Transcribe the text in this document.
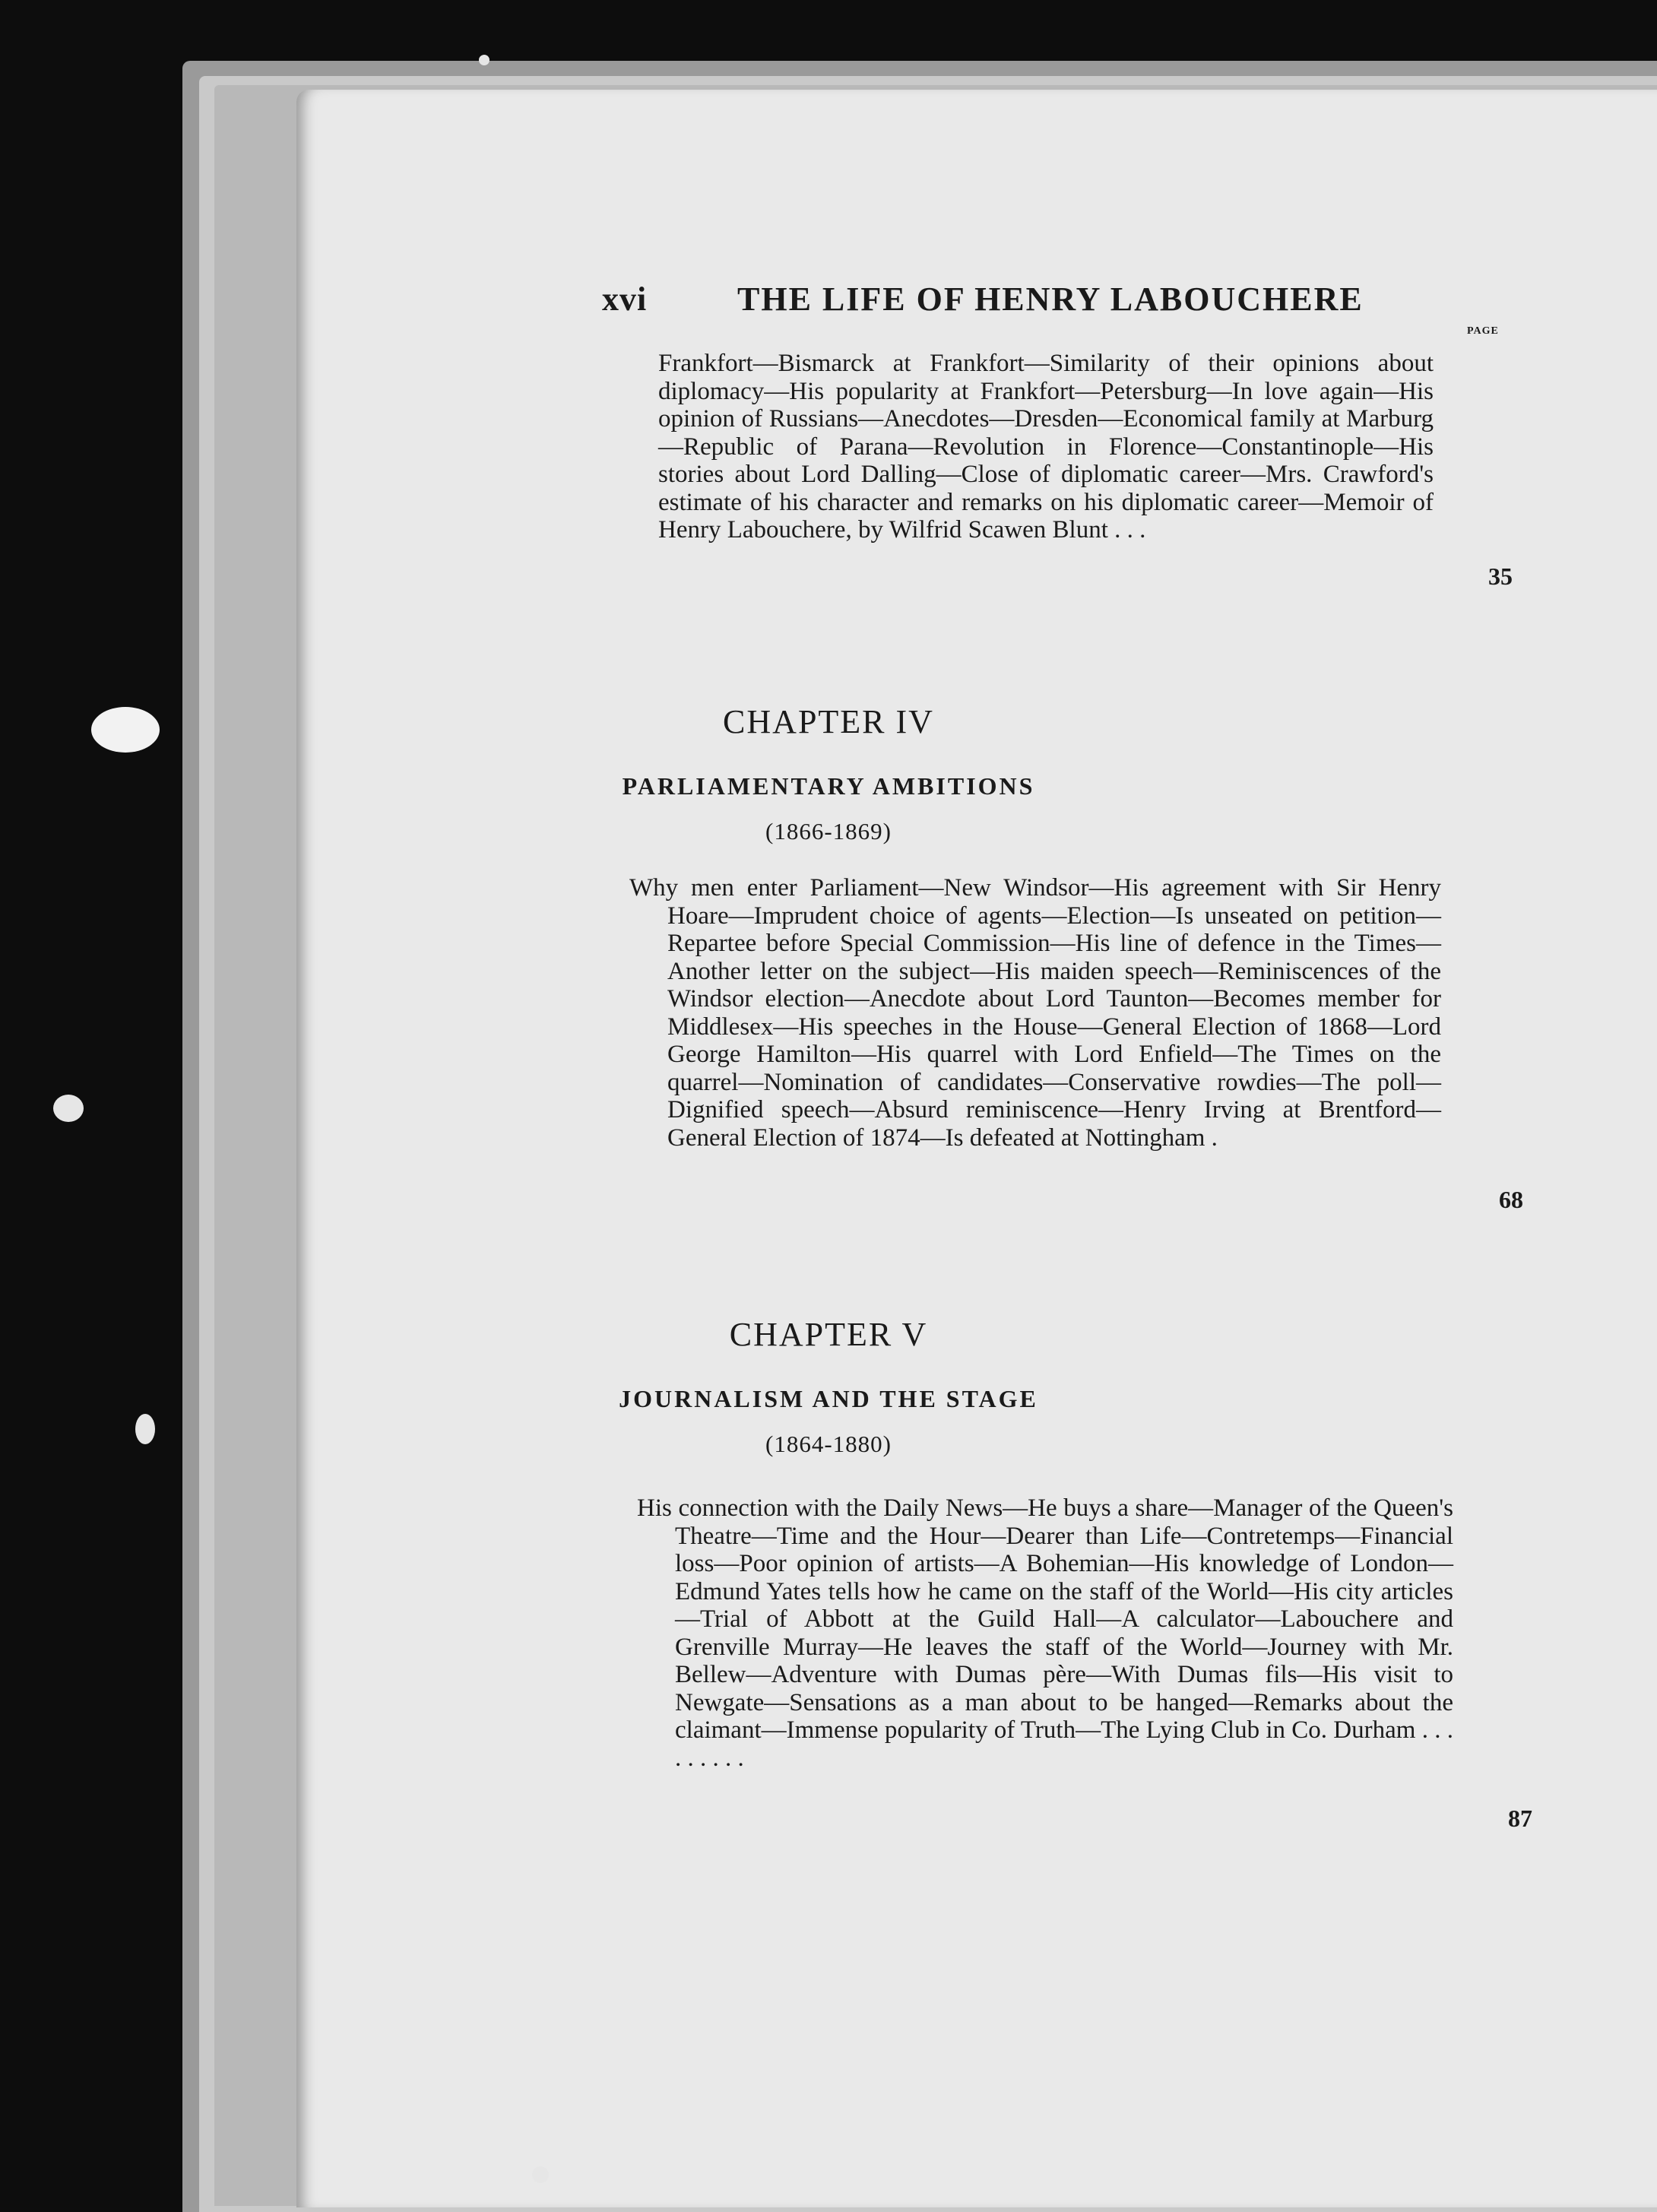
xvi	THE LIFE OF HENRY LABOUCHERE
PAGE

Frankfort—Bismarck at Frankfort—Similarity of their opinions about diplomacy—His popularity at Frankfort—Petersburg—In love again—His opinion of Russians—Anecdotes—Dresden—Economical family at Marburg—Republic of Parana—Revolution in Florence—Constantinople—His stories about Lord Dalling—Close of diplomatic career—Mrs. Crawford's estimate of his character and remarks on his diplomatic career—Memoir of Henry Labouchere, by Wilfrid Scawen Blunt . . .

35
CHAPTER IV
PARLIAMENTARY AMBITIONS
(1866-1869)

Why men enter Parliament—New Windsor—His agreement with Sir Henry Hoare—Imprudent choice of agents—Election—Is unseated on petition—Repartee before Special Commission—His line of defence in the Times—Another letter on the subject—His maiden speech—Reminiscences of the Windsor election—Anecdote about Lord Taunton—Becomes member for Middlesex—His speeches in the House—General Election of 1868—Lord George Hamilton—His quarrel with Lord Enfield—The Times on the quarrel—Nomination of candidates—Conservative rowdies—The poll—Dignified speech—Absurd reminiscence—Henry Irving at Brentford—General Election of 1874—Is defeated at Nottingham .

68
CHAPTER V
JOURNALISM AND THE STAGE
(1864-1880)

His connection with the Daily News—He buys a share—Manager of the Queen's Theatre—Time and the Hour—Dearer than Life—Contretemps—Financial loss—Poor opinion of artists—A Bohemian—His knowledge of London—Edmund Yates tells how he came on the staff of the World—His city articles—Trial of Abbott at the Guild Hall—A calculator—Labouchere and Grenville Murray—He leaves the staff of the World—Journey with Mr. Bellew—Adventure with Dumas père—With Dumas fils—His visit to Newgate—Sensations as a man about to be hanged—Remarks about the claimant—Immense popularity of Truth—The Lying Club in Co. Durham . . . . . . . . .

87
